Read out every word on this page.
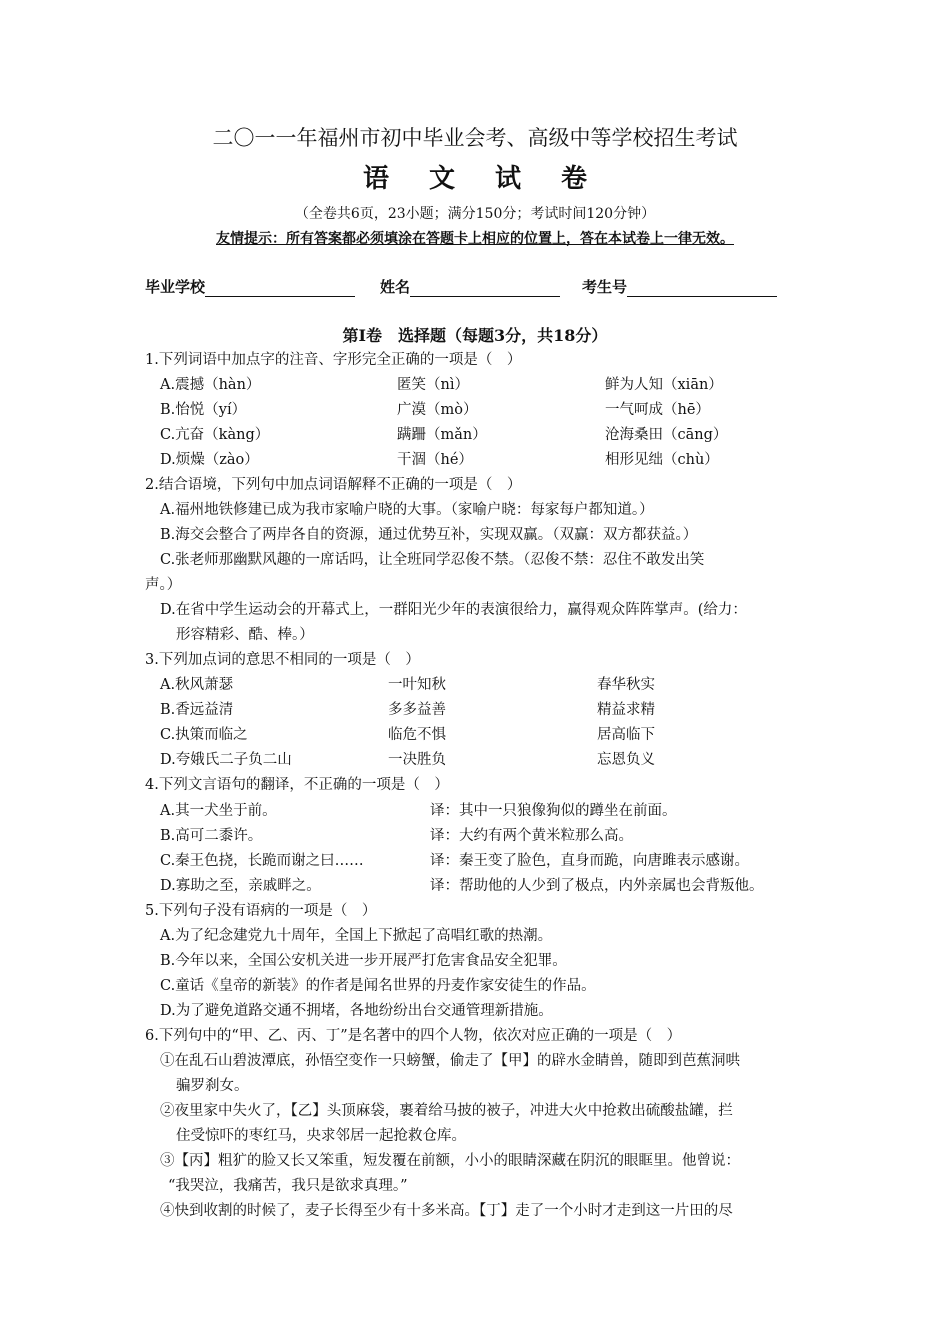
二〇一一年福州市初中毕业会考、高级中等学校招生考试
语文试卷
（全卷共6页，23小题；满分150分；考试时间120分钟）
友情提示：所有答案都必须填涂在答题卡上相应的位置上，答在本试卷上一律无效。
毕业学校	姓名	考生号
第Ⅰ卷　选择题（每题3分，共18分）
1.下列词语中加点字的注音、字形完全正确的一项是（　）
A.震撼（hàn）	匿笑（nì）	鲜为人知（xiān）
B.怡悦（yí）	广漠（mò）	一气呵成（hē）
C.亢奋（kàng）	蹒跚（mǎn）	沧海桑田（cāng）
D.烦燥（zào）	干涸（hé）	相形见绌（chù）
2.结合语境，下列句中加点词语解释不正确的一项是（　）
A.福州地铁修建已成为我市家喻户晓的大事。（家喻户晓：每家每户都知道。）
B.海交会整合了两岸各自的资源，通过优势互补，实现双赢。（双赢：双方都获益。）
C.张老师那幽默风趣的一席话吗，让全班同学忍俊不禁。（忍俊不禁：忍住不敢发出笑
声。）
D.在省中学生运动会的开幕式上，一群阳光少年的表演很给力，赢得观众阵阵掌声。(给力：
形容精彩、酷、棒。）
3.下列加点词的意思不相同的一项是（　）
A.秋风萧瑟	一叶知秋	春华秋实
B.香远益清	多多益善	精益求精
C.执策而临之	临危不惧	居高临下
D.夸娥氏二子负二山	一决胜负	忘恩负义
4.下列文言语句的翻译，不正确的一项是（　）
A.其一犬坐于前。	译：其中一只狼像狗似的蹲坐在前面。
B.高可二黍许。	译：大约有两个黄米粒那么高。
C.秦王色挠，长跪而谢之曰……	译：秦王变了脸色，直身而跪，向唐雎表示感谢。
D.寡助之至，亲戚畔之。	译：帮助他的人少到了极点，内外亲属也会背叛他。
5.下列句子没有语病的一项是（　）
A.为了纪念建党九十周年，全国上下掀起了高唱红歌的热潮。
B.今年以来，全国公安机关进一步开展严打危害食品安全犯罪。
C.童话《皇帝的新装》的作者是闻名世界的丹麦作家安徒生的作品。
D.为了避免道路交通不拥堵，各地纷纷出台交通管理新措施。
6.下列句中的“甲、乙、丙、丁”是名著中的四个人物，依次对应正确的一项是（　）
①在乱石山碧波潭底，孙悟空变作一只螃蟹，偷走了【甲】的辟水金睛兽，随即到芭蕉洞哄
骗罗刹女。
②夜里家中失火了，【乙】头顶麻袋，裹着给马披的被子，冲进大火中抢救出硫酸盐罐，拦
住受惊吓的枣红马，央求邻居一起抢救仓库。
③【丙】粗犷的脸又长又笨重，短发覆在前额，小小的眼睛深藏在阴沉的眼眶里。他曾说：
“我哭泣，我痛苦，我只是欲求真理。”
④快到收割的时候了，麦子长得至少有十多米高。【丁】走了一个小时才走到这一片田的尽
